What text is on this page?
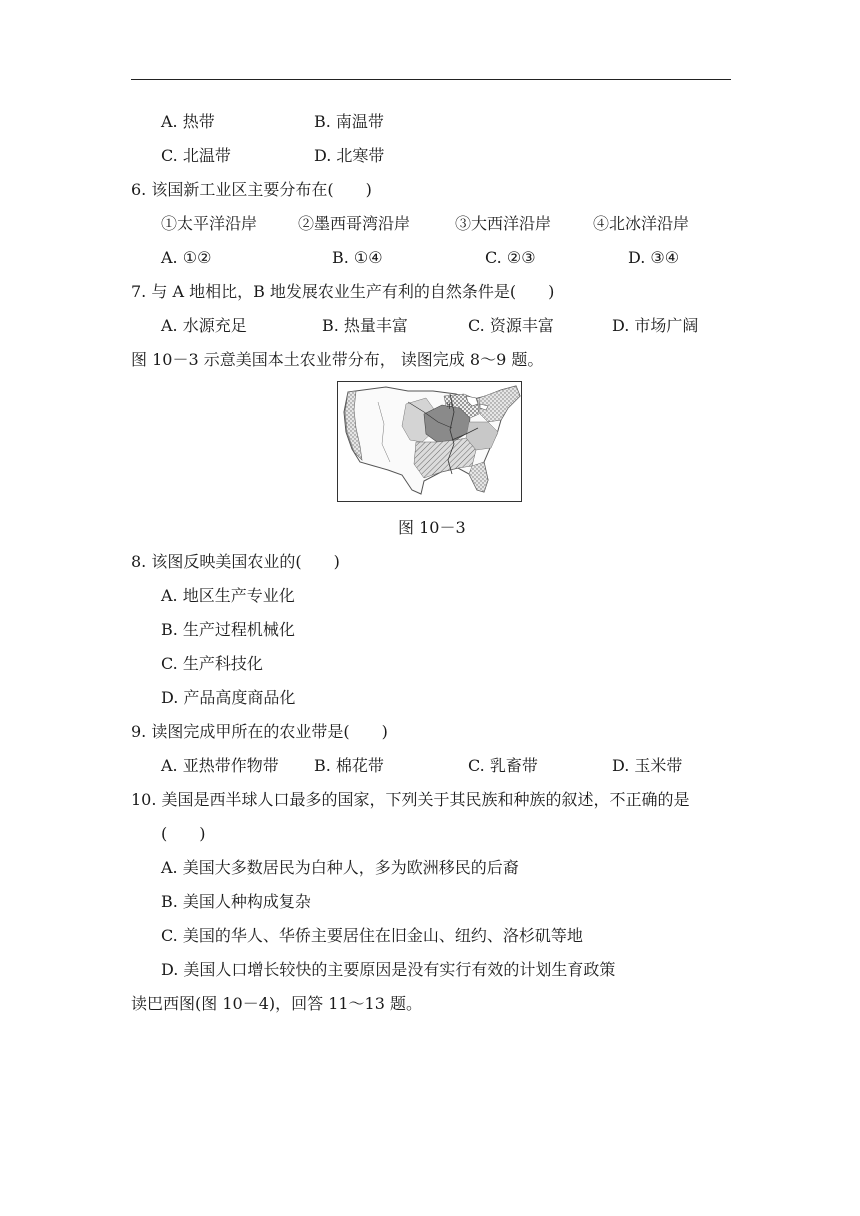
A. 热带	B. 南温带
C. 北温带	D. 北寒带
6. 该国新工业区主要分布在(　　)
①太平洋沿岸	②墨西哥湾沿岸	③大西洋沿岸	④北冰洋沿岸
A. ①②	B. ①④	C. ②③	D. ③④
7. 与 A 地相比，B 地发展农业生产有利的自然条件是(　　)
A. 水源充足	B. 热量丰富	C. 资源丰富	D. 市场广阔
图 10－3 示意美国本土农业带分布， 读图完成 8～9 题。
甲
图 10－3
8. 该图反映美国农业的(　　)
A. 地区生产专业化
B. 生产过程机械化
C. 生产科技化
D. 产品高度商品化
9. 读图完成甲所在的农业带是(　　)
A. 亚热带作物带 B. 棉花带	C. 乳畜带	D. 玉米带
10. 美国是西半球人口最多的国家，下列关于其民族和种族的叙述，不正确的是
(　　)
A. 美国大多数居民为白种人，多为欧洲移民的后裔
B. 美国人种构成复杂
C. 美国的华人、华侨主要居住在旧金山、纽约、洛杉矶等地
D. 美国人口增长较快的主要原因是没有实行有效的计划生育政策
读巴西图(图 10－4)，回答 11～13 题。
